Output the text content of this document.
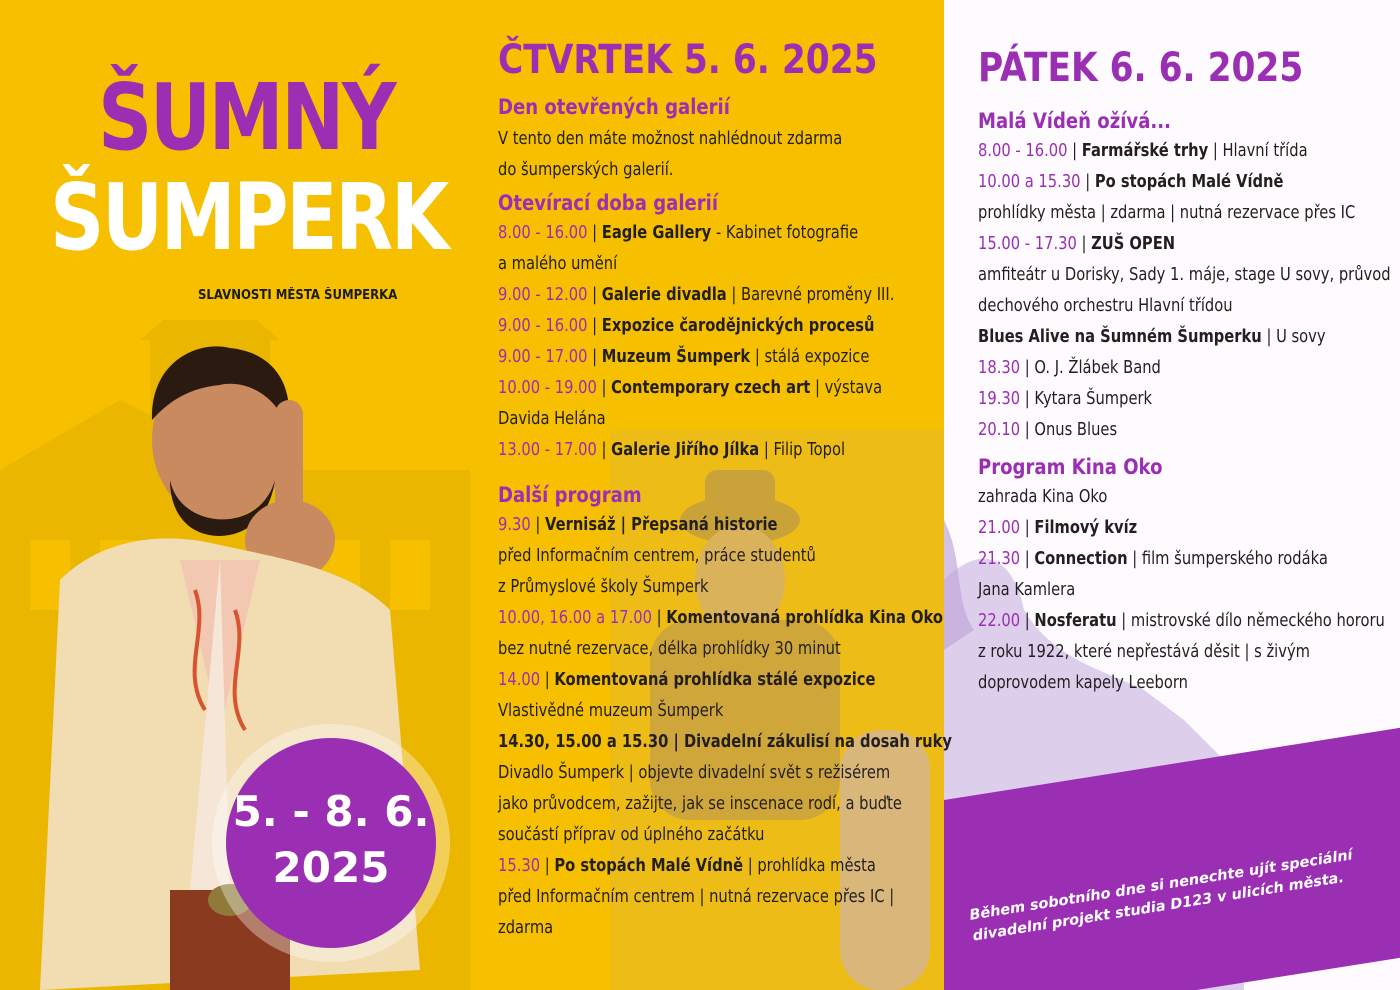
ŠUMNÝ
ŠUMPERK
SLAVNOSTI MĚSTA ŠUMPERKA
5. - 8. 6.
2025
ČTVRTEK 5. 6. 2025
Den otevřených galerií
V tento den máte možnost nahlédnout zdarma
do šumperských galerií.
Otevírací doba galerií
8.00 - 16.00 | Eagle Gallery - Kabinet fotografie
a malého umění
9.00 - 12.00 | Galerie divadla | Barevné proměny III.
9.00 - 16.00 | Expozice čarodějnických procesů
9.00 - 17.00 | Muzeum Šumperk | stálá expozice
10.00 - 19.00 | Contemporary czech art | výstava
Davida Helána
13.00 - 17.00 | Galerie Jiřího Jílka | Filip Topol
Další program
9.30 | Vernisáž | Přepsaná historie
před Informačním centrem, práce studentů
z Průmyslové školy Šumperk
10.00, 16.00 a 17.00 | Komentovaná prohlídka Kina Oko
bez nutné rezervace, délka prohlídky 30 minut
14.00 | Komentovaná prohlídka stálé expozice
Vlastivědné muzeum Šumperk
14.30, 15.00 a 15.30 | Divadelní zákulisí na dosah ruky
Divadlo Šumperk | objevte divadelní svět s režisérem
jako průvodcem, zažijte, jak se inscenace rodí, a buďte
součástí příprav od úplného začátku
15.30 | Po stopách Malé Vídně | prohlídka města
před Informačním centrem | nutná rezervace přes IC |
zdarma
PÁTEK 6. 6. 2025
Malá Vídeň ožívá...
8.00 - 16.00 | Farmářské trhy | Hlavní třída
10.00 a 15.30 | Po stopách Malé Vídně
prohlídky města | zdarma | nutná rezervace přes IC
15.00 - 17.30 | ZUŠ OPEN
amfiteátr u Dorisky, Sady 1. máje, stage U sovy, průvod
dechového orchestru Hlavní třídou
Blues Alive na Šumném Šumperku | U sovy
18.30 | O. J. Žlábek Band
19.30 | Kytara Šumperk
20.10 | Onus Blues
Program Kina Oko
zahrada Kina Oko
21.00 | Filmový kvíz
21.30 | Connection | film šumperského rodáka
Jana Kamlera
22.00 | Nosferatu | mistrovské dílo německého hororu
z roku 1922, které nepřestává děsit | s živým
doprovodem kapely Leeborn
Během sobotního dne si nenechte ujít speciální divadelní projekt studia D123 v ulicích města.
